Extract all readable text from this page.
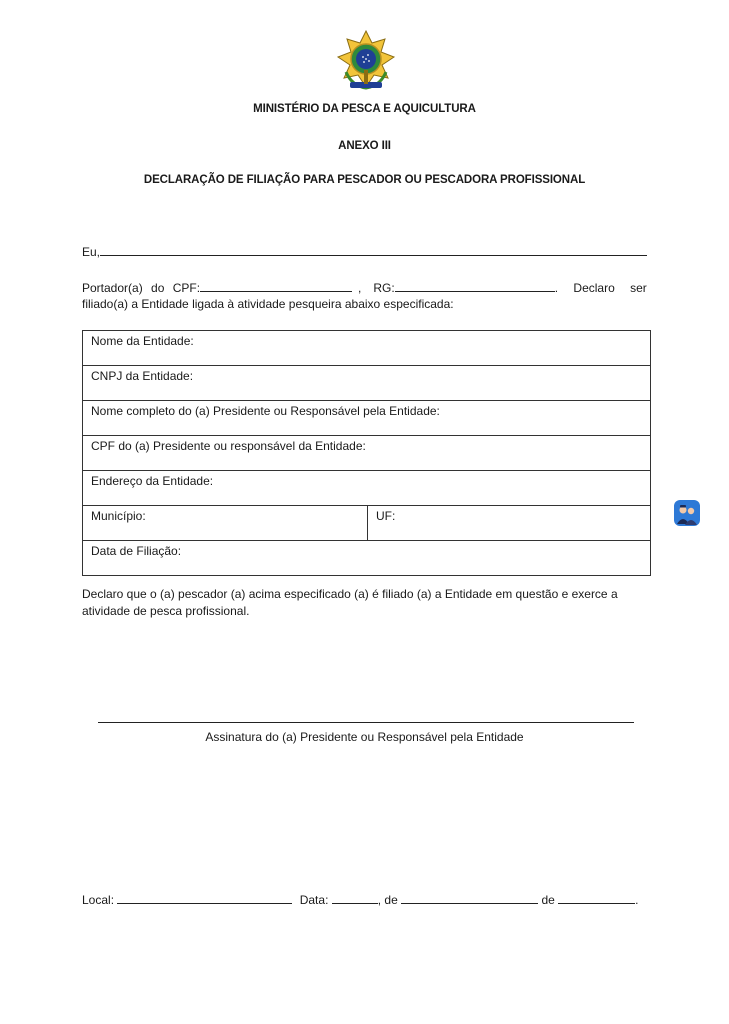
MINISTÉRIO DA PESCA E AQUICULTURA
ANEXO III
DECLARAÇÃO DE FILIAÇÃO PARA PESCADOR OU PESCADORA PROFISSIONAL
Eu,
Portador(a) do CPF:	, RG:	. Declaro ser
filiado(a) a Entidade ligada à atividade pesqueira abaixo especificada:
Nome da Entidade:
CNPJ da Entidade:
Nome completo do (a) Presidente ou Responsável pela Entidade:
CPF do (a) Presidente ou responsável da Entidade:
Endereço da Entidade:
Município:	UF:
Data de Filiação:
Declaro que o (a) pescador (a) acima especificado (a) é filiado (a) a Entidade em questão e exerce a atividade de pesca profissional.
Assinatura do (a) Presidente ou Responsável pela Entidade
Local:	Data:	, de	de	.
